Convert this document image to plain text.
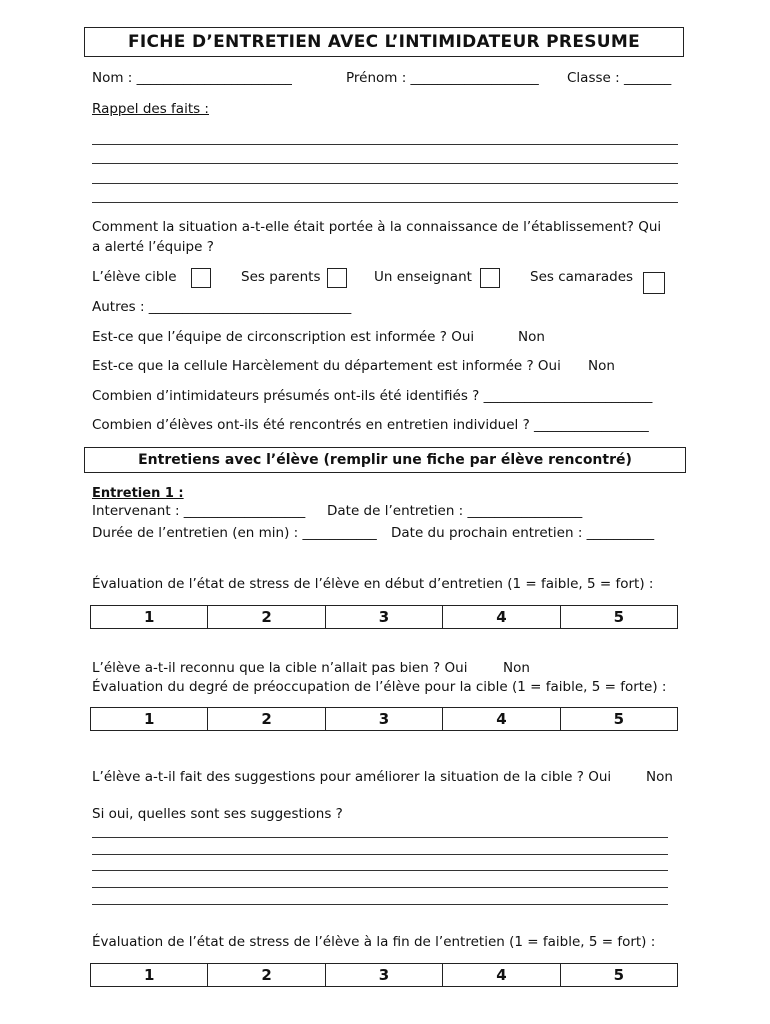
FICHE D’ENTRETIEN AVEC L’INTIMIDATEUR PRESUME
Nom : _______________________	Prénom : ___________________ Classe : _______
Rappel des faits :
Comment la situation a-t-elle était portée à la connaissance de l’établissement? Qui
a alerté l’équipe ?
L’élève cible	Ses parents	Un enseignant	Ses camarades
Autres : ______________________________
Est-ce que l’équipe de circonscription est informée ? Oui	Non
Est-ce que la cellule Harcèlement du département est informée ? Oui Non
Combien d’intimidateurs présumés ont-ils été identifiés ? _________________________
Combien d’élèves ont-ils été rencontrés en entretien individuel ? _________________
Entretiens avec l’élève (remplir une fiche par élève rencontré)
Entretien 1 :
Intervenant : __________________ Date de l’entretien : _________________
Durée de l’entretien (en min) : ___________ Date du prochain entretien : __________
Évaluation de l’état de stress de l’élève en début d’entretien (1 = faible, 5 = fort) :
1	2	3	4	5
L’élève a-t-il reconnu que la cible n’allait pas bien ? Oui	Non
Évaluation du degré de préoccupation de l’élève pour la cible (1 = faible, 5 = forte) :
1	2	3	4	5
L’élève a-t-il fait des suggestions pour améliorer la situation de la cible ? Oui	Non
Si oui, quelles sont ses suggestions ?
Évaluation de l’état de stress de l’élève à la fin de l’entretien (1 = faible, 5 = fort) :
1	2	3	4	5
